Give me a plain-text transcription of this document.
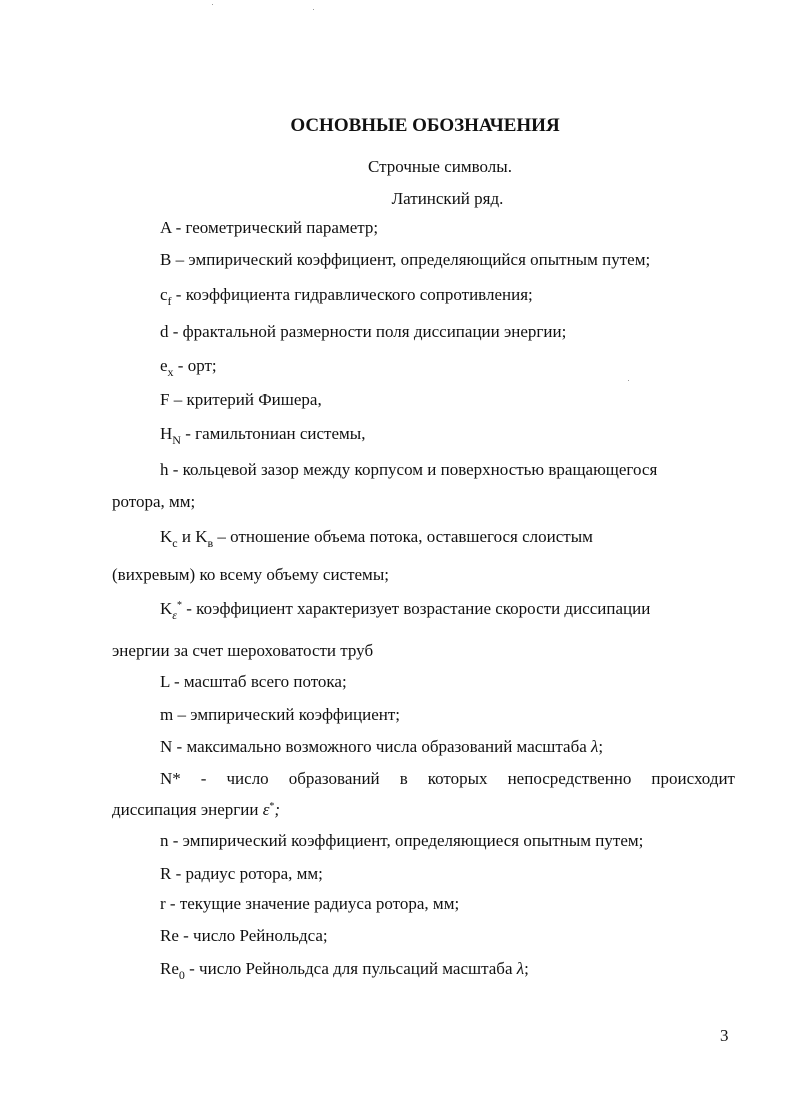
ОСНОВНЫЕ ОБОЗНАЧЕНИЯ
Строчные символы.
Латинский ряд.
A - геометрический параметр;
B – эмпирический коэффициент, определяющийся опытным путем;
$c_f$ - коэффициента гидравлического сопротивления;
d - фрактальной размерности поля диссипации энергии;
$e_x$ - орт;
F – критерий Фишера,
$H_N$ - гамильтониан системы,
h - кольцевой зазор между корпусом и поверхностью вращающегося
ротора, мм;
$K_c$ и $K_в$ – отношение объема потока, оставшегося слоистым
(вихревым) ко всему объему системы;
$K_\varepsilon^*$ - коэффициент характеризует возрастание скорости диссипации
энергии за счет шероховатости труб
L - масштаб всего потока;
m – эмпирический коэффициент;
N - максимально возможного числа образований масштаба λ;
N* - число образований в которых непосредственно происходит
диссипация энергии ε*;
n - эмпирический коэффициент, определяющиеся опытным путем;
R - радиус ротора, мм;
r - текущие значение радиуса ротора, мм;
Re - число Рейнольдса;
$Re_0$ - число Рейнольдса для пульсаций масштаба λ;
3
